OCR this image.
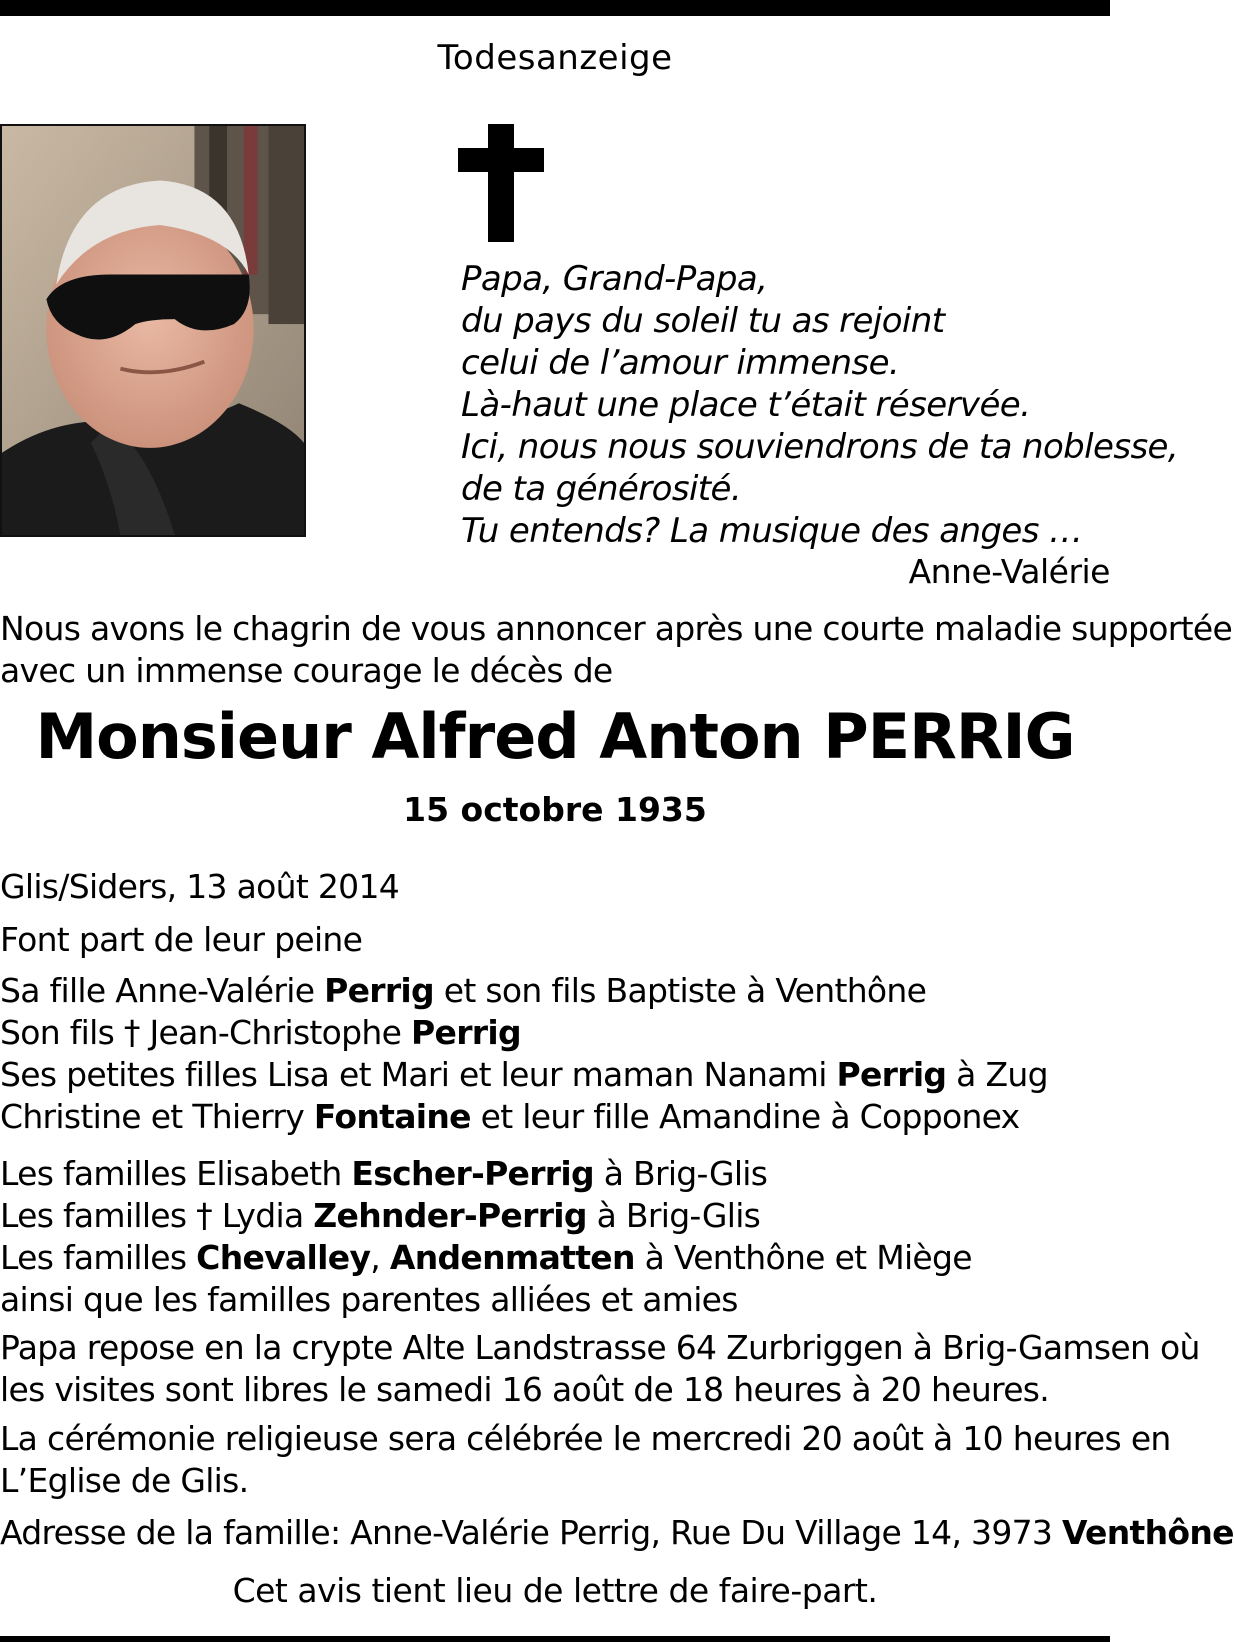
Todesanzeige
Papa, Grand-Papa,
du pays du soleil tu as rejoint
celui de l’amour immense.
Là-haut une place t’était réservée.
Ici, nous nous souviendrons de ta noblesse,
de ta générosité.
Tu entends? La musique des anges …
Anne-Valérie
Nous avons le chagrin de vous annoncer après une courte maladie supportée
avec un immense courage le décès de
Monsieur Alfred Anton PERRIG
15 octobre 1935
Glis/Siders, 13 août 2014
Font part de leur peine
Sa fille Anne-Valérie Perrig et son fils Baptiste à Venthône
Son fils † Jean-Christophe Perrig
Ses petites filles Lisa et Mari et leur maman Nanami Perrig à Zug
Christine et Thierry Fontaine et leur fille Amandine à Copponex
Les familles Elisabeth Escher-Perrig à Brig-Glis
Les familles † Lydia Zehnder-Perrig à Brig-Glis
Les familles Chevalley, Andenmatten à Venthône et Miège
ainsi que les familles parentes alliées et amies
Papa repose en la crypte Alte Landstrasse 64 Zurbriggen à Brig-Gamsen où
les visites sont libres le samedi 16 août de 18 heures à 20 heures.
La cérémonie religieuse sera célébrée le mercredi 20 août à 10 heures en
L’Eglise de Glis.
Adresse de la famille: Anne-Valérie Perrig, Rue Du Village 14, 3973 Venthône
Cet avis tient lieu de lettre de faire-part.
